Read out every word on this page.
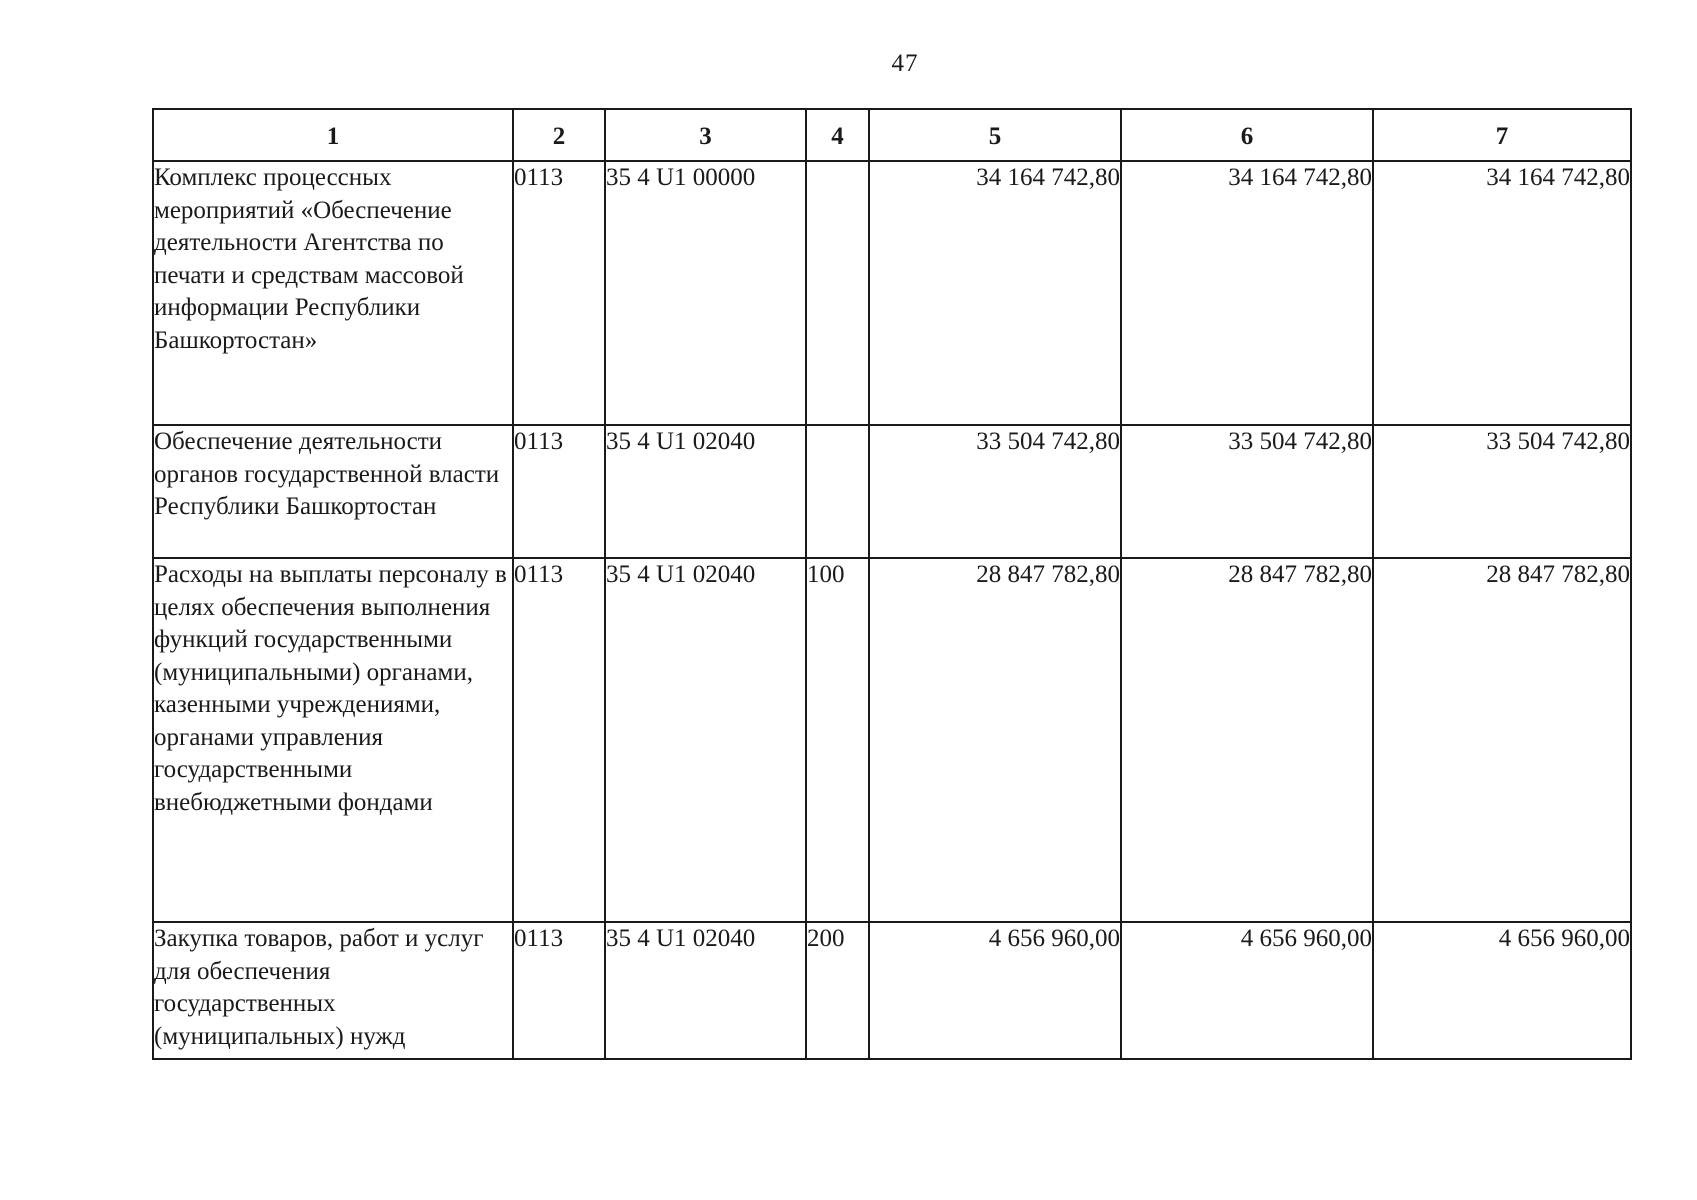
47
1	2	3	4	5	6	7
Комплекс процессных мероприятий «Обеспечение деятельности Агентства по печати и средствам массовой информации Республики Башкортостан»	0113	35 4 U1 00000		34 164 742,80	34 164 742,80	34 164 742,80
Обеспечение деятельности органов государственной власти Республики Башкортостан	0113	35 4 U1 02040		33 504 742,80	33 504 742,80	33 504 742,80
Расходы на выплаты персоналу в целях обеспечения выполнения функций государственными (муниципальными) органами, казенными учреждениями, органами управления государственными внебюджетными фондами	0113	35 4 U1 02040	100	28 847 782,80	28 847 782,80	28 847 782,80
Закупка товаров, работ и услуг для обеспечения государственных (муниципальных) нужд	0113	35 4 U1 02040	200	4 656 960,00	4 656 960,00	4 656 960,00
